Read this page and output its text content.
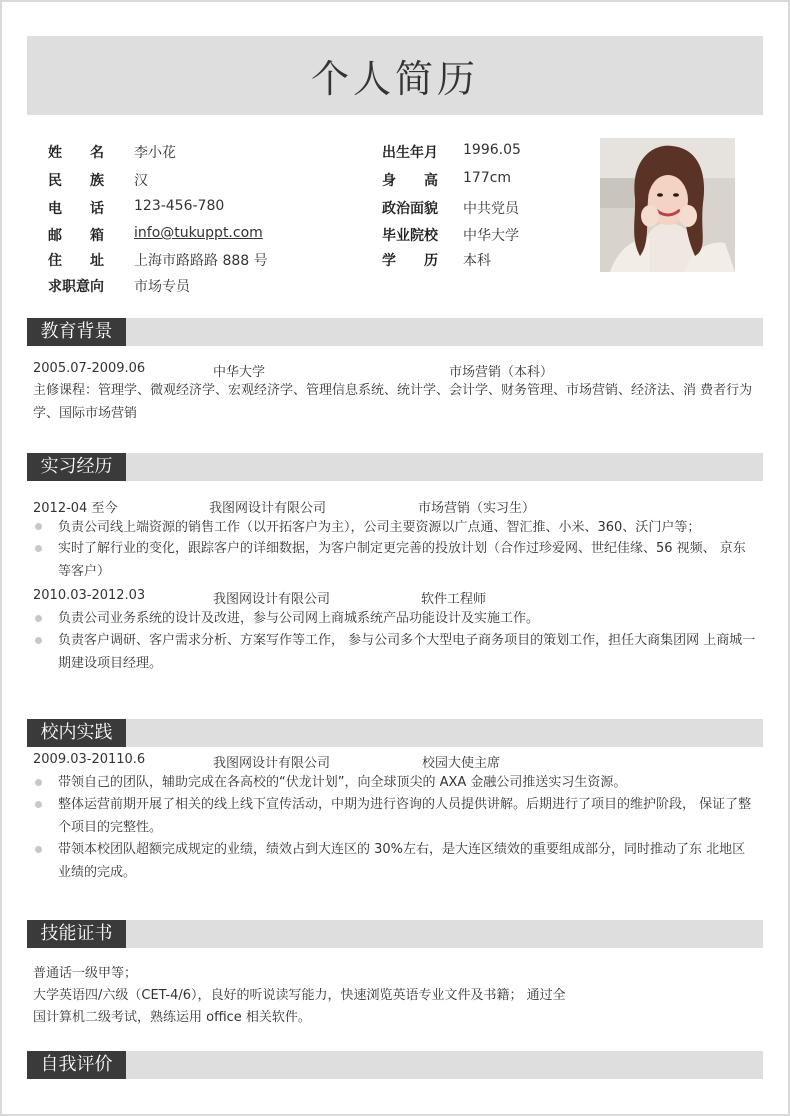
个人简历
姓 名 李小花
民 族 汉
电 话 123-456-780
邮 箱 info@tukuppt.com
住 址 上海市路路路 888 号
求职意向 市场专员
出生年月 1996.05
身 高 177cm
政治面貌 中共党员
毕业院校 中华大学
学 历 本科
教育背景
2005.07-2009.06	中华大学	市场营销（本科）
主修课程：管理学、微观经济学、宏观经济学、管理信息系统、统计学、会计学、财务管理、市场营销、经济法、消 费者行为学、国际市场营销
实习经历
2012-04 至今	我图网设计有限公司	市场营销（实习生）
负责公司线上端资源的销售工作（以开拓客户为主），公司主要资源以广点通、智汇推、小米、360、沃门户等；
实时了解行业的变化，跟踪客户的详细数据，为客户制定更完善的投放计划（合作过珍爱网、世纪佳缘、56 视频、 京东等客户）
2010.03-2012.03	我图网设计有限公司	软件工程师
负责公司业务系统的设计及改进，参与公司网上商城系统产品功能设计及实施工作。
负责客户调研、客户需求分析、方案写作等工作， 参与公司多个大型电子商务项目的策划工作，担任大商集团网 上商城一期建设项目经理。
校内实践
2009.03-20110.6	我图网设计有限公司	校园大使主席
带领自己的团队，辅助完成在各高校的“伏龙计划”，向全球顶尖的 AXA 金融公司推送实习生资源。
整体运营前期开展了相关的线上线下宣传活动，中期为进行咨询的人员提供讲解。后期进行了项目的维护阶段， 保证了整个项目的完整性。
带领本校团队超额完成规定的业绩，绩效占到大连区的 30%左右，是大连区绩效的重要组成部分，同时推动了东 北地区业绩的完成。
技能证书
普通话一级甲等；
大学英语四/六级（CET-4/6），良好的听说读写能力，快速浏览英语专业文件及书籍； 通过全
国计算机二级考试，熟练运用 office 相关软件。
自我评价
